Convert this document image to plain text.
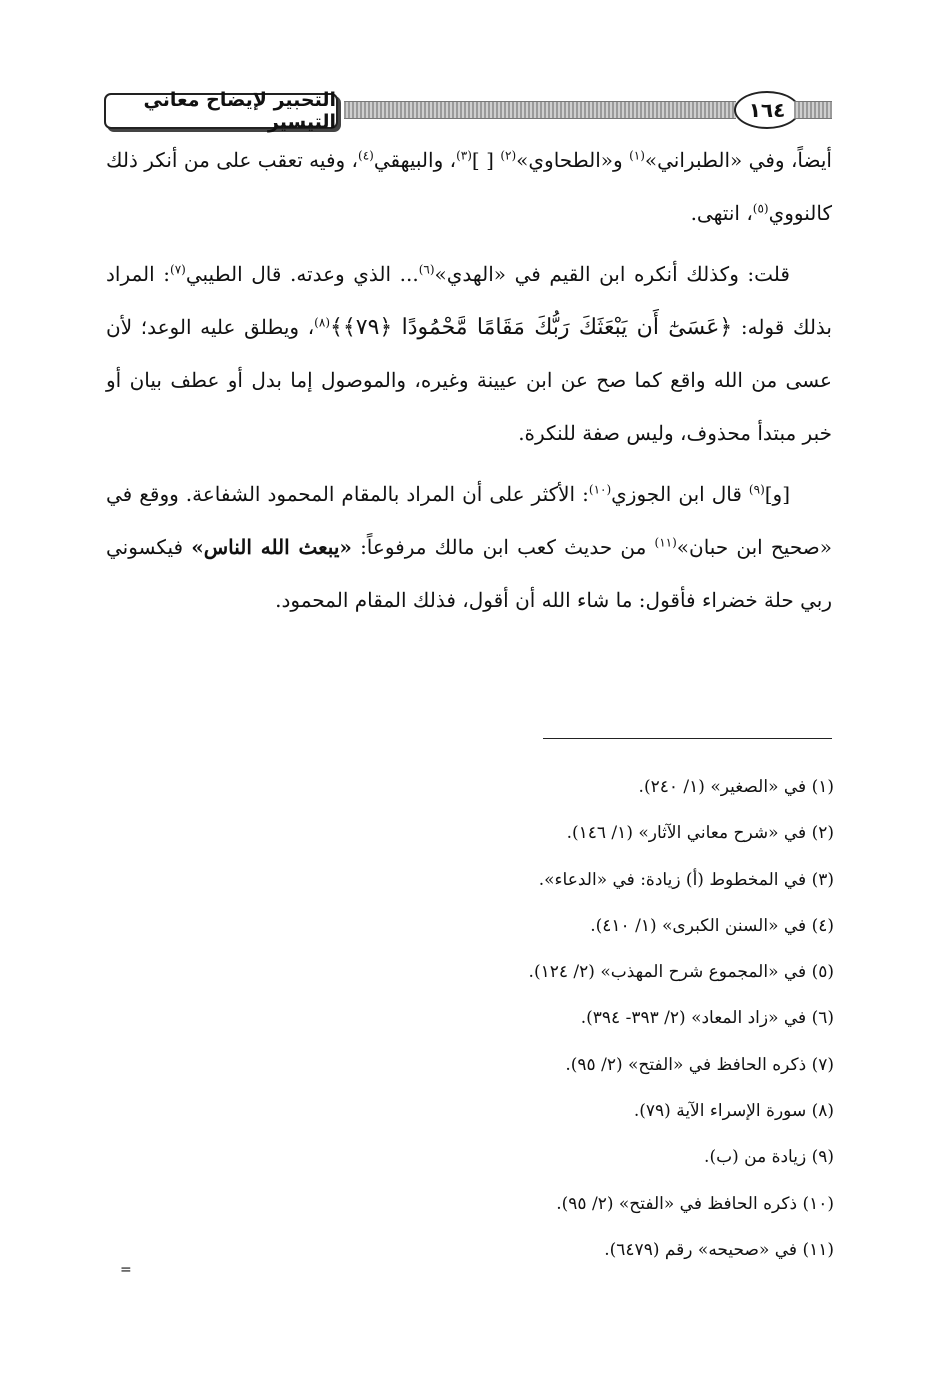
التحبير لإيضاح معاني التيسير	١٦٤

أيضاً، وفي «الطبراني»$^{(١)}$ و«الطحاوي»$^{(٢)}$ [ ]$^{(٣)}$، والبيهقي$^{(٤)}$، وفيه تعقب على من أنكر ذلك كالنووي$^{(٥)}$، انتهى.

قلت: وكذلك أنكره ابن القيم في «الهدي»$^{(٦)}$... الذي وعدته. قال الطيبي$^{(٧)}$: المراد بذلك قوله: ﴿عَسَىٰٓ أَن يَبْعَثَكَ رَبُّكَ مَقَامًا مَّحْمُودًا ﴿٧٩﴾﴾$^{(٨)}$، ويطلق عليه الوعد؛ لأن عسى من الله واقع كما صح عن ابن عيينة وغيره، والموصول إما بدل أو عطف بيان أو خبر مبتدأ محذوف، وليس صفة للنكرة.

[و]$^{(٩)}$ قال ابن الجوزي$^{(١٠)}$: الأكثر على أن المراد بالمقام المحمود الشفاعة. ووقع في «صحيح ابن حبان»$^{(١١)}$ من حديث كعب ابن مالك مرفوعاً: «يبعث الله الناس» فيكسوني ربي حلة خضراء فأقول: ما شاء الله أن أقول، فذلك المقام المحمود.

(١) في «الصغير» (١/ ٢٤٠).
(٢) في «شرح معاني الآثار» (١/ ١٤٦).
(٣) في المخطوط (أ) زيادة: في «الدعاء».
(٤) في «السنن الكبرى» (١/ ٤١٠).
(٥) في «المجموع شرح المهذب» (٢/ ١٢٤).
(٦) في «زاد المعاد» (٢/ ٣٩٣- ٣٩٤).
(٧) ذكره الحافظ في «الفتح» (٢/ ٩٥).
(٨) سورة الإسراء الآية (٧٩).
(٩) زيادة من (ب).
(١٠) ذكره الحافظ في «الفتح» (٢/ ٩٥).
(١١) في «صحيحه» رقم (٦٤٧٩).
=
